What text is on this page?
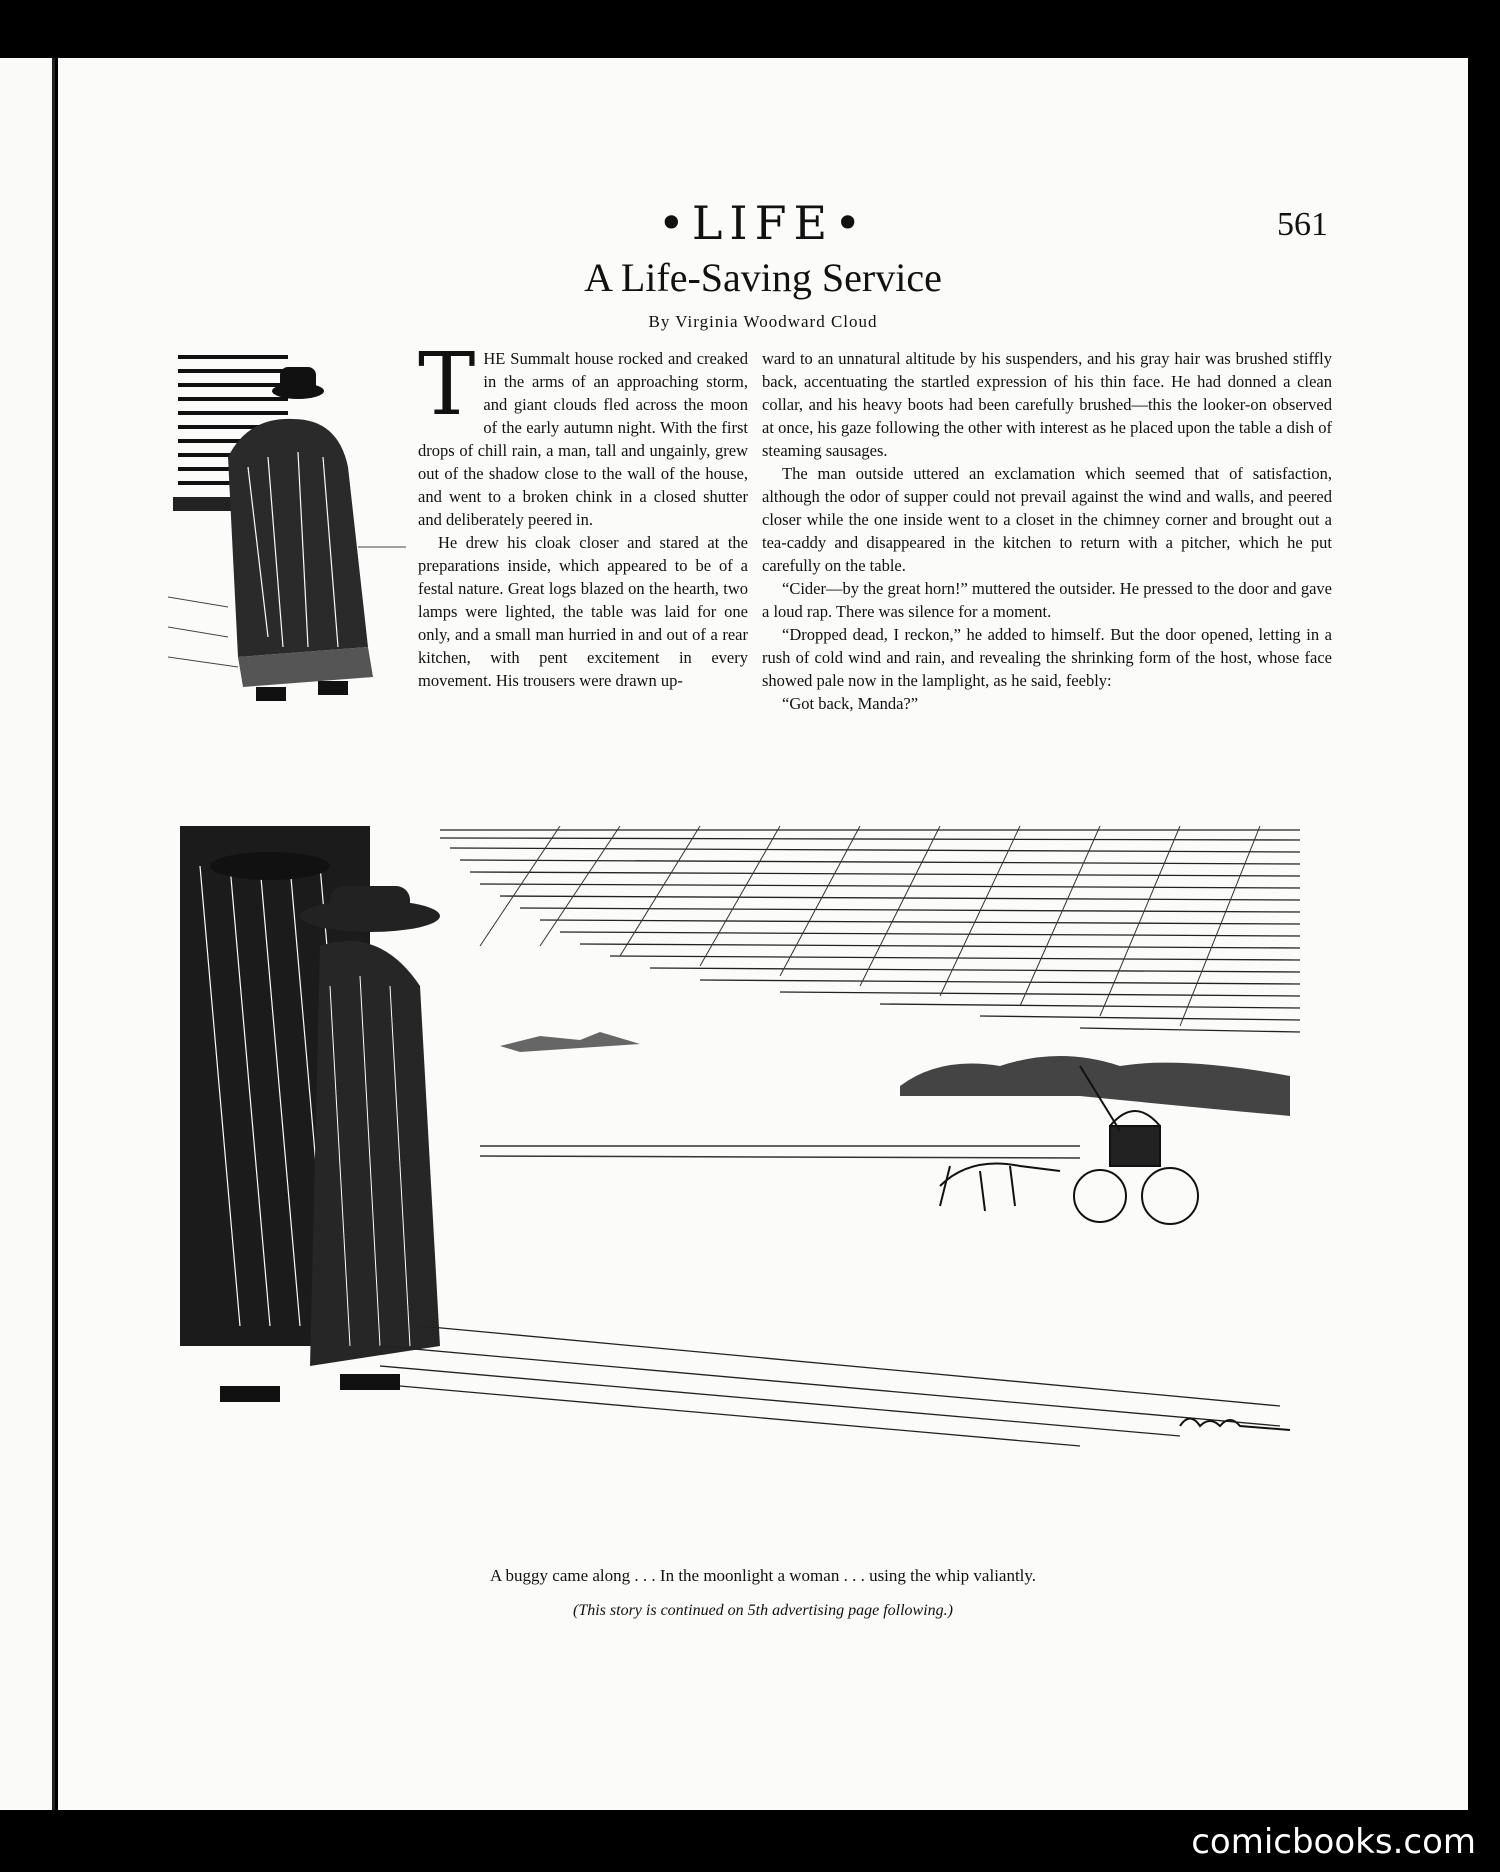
•LIFE•	561
A Life-Saving Service
By Virginia Woodward Cloud

THE Summalt house rocked and creaked in the arms of an approaching storm, and giant clouds fled across the moon of the early autumn night. With the first drops of chill rain, a man, tall and ungainly, grew out of the shadow close to the wall of the house, and went to a broken chink in a closed shutter and deliberately peered in.

He drew his cloak closer and stared at the preparations inside, which appeared to be of a festal nature. Great logs blazed on the hearth, two lamps were lighted, the table was laid for one only, and a small man hurried in and out of a rear kitchen, with pent excitement in every movement. His trousers were drawn up-

ward to an unnatural altitude by his suspenders, and his gray hair was brushed stiffly back, accentuating the startled expression of his thin face. He had donned a clean collar, and his heavy boots had been carefully brushed—this the looker-on observed at once, his gaze following the other with interest as he placed upon the table a dish of steaming sausages.

The man outside uttered an exclamation which seemed that of satisfaction, although the odor of supper could not prevail against the wind and walls, and peered closer while the one inside went to a closet in the chimney corner and brought out a tea-caddy and disappeared in the kitchen to return with a pitcher, which he put carefully on the table.

“Cider—by the great horn!” muttered the outsider. He pressed to the door and gave a loud rap. There was silence for a moment.

“Dropped dead, I reckon,” he added to himself. But the door opened, letting in a rush of cold wind and rain, and revealing the shrinking form of the host, whose face showed pale now in the lamplight, as he said, feebly:

“Got back, Manda?”

A buggy came along . . . In the moonlight a woman . . . using the whip valiantly.
(This story is continued on 5th advertising page following.)
comicbooks.com
